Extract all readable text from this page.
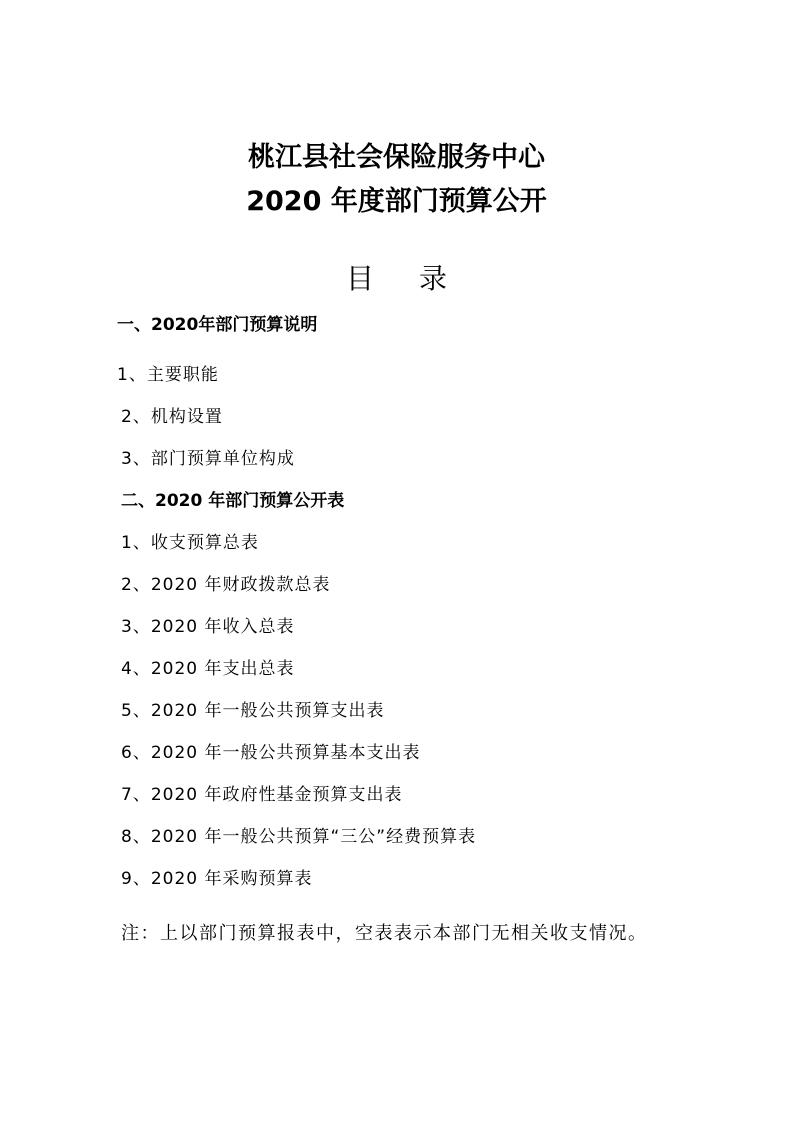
桃江县社会保险服务中心
2020 年度部门预算公开
目 录
一、2020年部门预算说明
1、主要职能
2、机构设置
3、部门预算单位构成
二、2020 年部门预算公开表
1、收支预算总表
2、2020 年财政拨款总表
3、2020 年收入总表
4、2020 年支出总表
5、2020 年一般公共预算支出表
6、2020 年一般公共预算基本支出表
7、2020 年政府性基金预算支出表
8、2020 年一般公共预算“三公”经费预算表
9、2020 年采购预算表
注：上以部门预算报表中，空表表示本部门无相关收支情况。
